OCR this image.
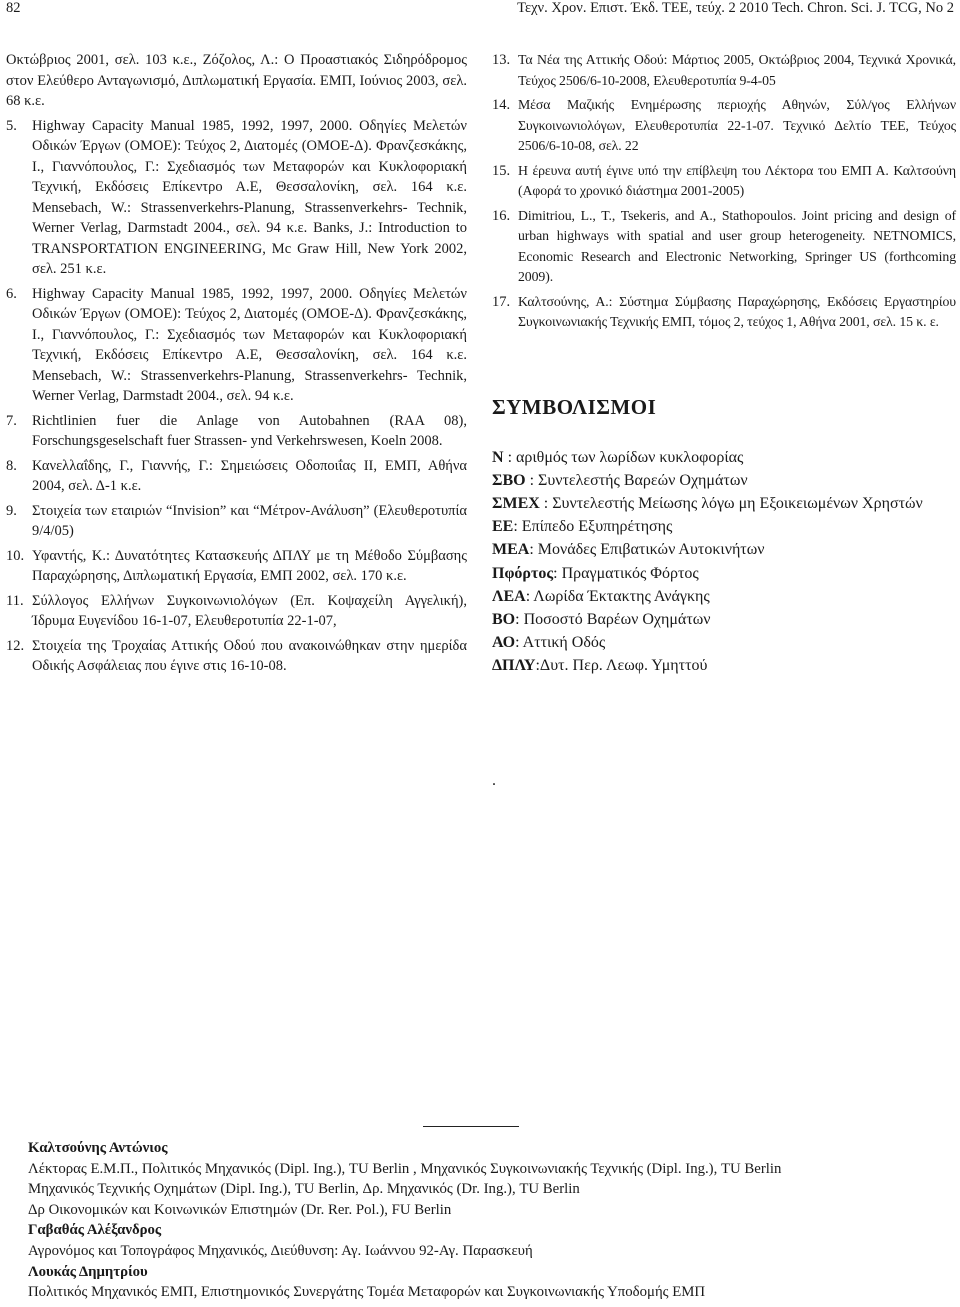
82	Τεχν. Χρον. Επιστ. Έκδ. ΤΕΕ, τεύχ. 2 2010 Tech. Chron. Sci. J. TCG, No 2
Οκτώβριος 2001, σελ. 103 κ.ε., Ζόζολος, Λ.: Ο Προαστιακός Σιδηρόδρομος στον Ελεύθερο Ανταγωνισμό, Διπλωματική Εργασία. ΕΜΠ, Ιούνιος 2003, σελ. 68 κ.ε.
5. Highway Capacity Manual 1985, 1992, 1997, 2000. Οδηγίες Μελετών Οδικών Έργων (ΟΜΟΕ): Τεύχος 2, Διατομές (ΟΜΟΕ-Δ). Φρανζεσκάκης, Ι., Γιαννόπουλος, Γ.: Σχεδιασμός των Μεταφορών και Κυκλοφοριακή Τεχνική, Εκδόσεις Επίκεντρο Α.Ε, Θεσσαλονίκη, σελ. 164 κ.ε. Mensebach, W.: Strassenverkehrs-Planung, Strassenverkehrs- Technik, Werner Verlag, Darmstadt 2004., σελ. 94 κ.ε. Banks, J.: Introduction to TRANSPORTATION ENGINEERING, Mc Graw Hill, New York 2002, σελ. 251 κ.ε.
6. Highway Capacity Manual 1985, 1992, 1997, 2000. Οδηγίες Μελετών Οδικών Έργων (ΟΜΟΕ): Τεύχος 2, Διατομές (ΟΜΟΕ-Δ). Φρανζεσκάκης, Ι., Γιαννόπουλος, Γ.: Σχεδιασμός των Μεταφορών και Κυκλοφοριακή Τεχνική, Εκδόσεις Επίκεντρο Α.Ε, Θεσσαλονίκη, σελ. 164 κ.ε. Mensebach, W.: Strassenverkehrs-Planung, Strassenverkehrs- Technik, Werner Verlag, Darmstadt 2004., σελ. 94 κ.ε.
7. Richtlinien fuer die Anlage von Autobahnen (RAA 08), Forschungsgeselschaft fuer Strassen- ynd Verkehrswesen, Koeln 2008.
8. Κανελλαΐδης, Γ., Γιαννής, Γ.: Σημειώσεις Οδοποιΐας ΙΙ, ΕΜΠ, Αθήνα 2004, σελ. Δ-1 κ.ε.
9. Στοιχεία των εταιριών “Invision” και “Μέτρον-Ανάλυση” (Ελευθεροτυπία 9/4/05)
10. Υφαντής, Κ.: Δυνατότητες Κατασκευής ΔΠΛΥ με τη Μέθοδο Σύμβασης Παραχώρησης, Διπλωματική Εργασία, ΕΜΠ 2002, σελ. 170 κ.ε.
11. Σύλλογος Ελλήνων Συγκοινωνιολόγων (Επ. Κοψαχείλη Αγγελική), Ίδρυμα Ευγενίδου 16-1-07, Ελευθεροτυπία 22-1-07,
12. Στοιχεία της Τροχαίας Αττικής Οδού που ανακοινώθηκαν στην ημερίδα Οδικής Ασφάλειας που έγινε στις 16-10-08.
13. Τα Νέα της Αττικής Οδού: Μάρτιος 2005, Οκτώβριος 2004, Τεχνικά Χρονικά, Τεύχος 2506/6-10-2008, Ελευθεροτυπία 9-4-05
14. Μέσα Μαζικής Ενημέρωσης περιοχής Αθηνών, Σύλ/γος Ελλήνων Συγκοινωνιολόγων, Ελευθεροτυπία 22-1-07. Τεχνικό Δελτίο ΤΕΕ, Τεύχος 2506/6-10-08, σελ. 22
15. Η έρευνα αυτή έγινε υπό την επίβλεψη του Λέκτορα του ΕΜΠ Α. Καλτσούνη (Αφορά το χρονικό διάστημα 2001-2005)
16. Dimitriou, L., T., Tsekeris, and A., Stathopoulos. Joint pricing and design of urban highways with spatial and user group heterogeneity. NETNOMICS, Economic Research and Electronic Networking, Springer US (forthcoming 2009).
17. Καλτσούνης, Α.: Σύστημα Σύμβασης Παραχώρησης, Εκδόσεις Εργαστηρίου Συγκοινωνιακής Τεχνικής ΕΜΠ, τόμος 2, τεύχος 1, Αθήνα 2001, σελ. 15 κ. ε.
ΣΥΜΒΟΛΙΣΜΟΙ

Ν : αριθμός των λωρίδων κυκλοφορίας

ΣΒΟ : Συντελεστής Βαρεών Οχημάτων

ΣΜΕΧ : Συντελεστής Μείωσης λόγω μη Εξοικειωμένων Χρηστών

ΕΕ: Επίπεδο Εξυπηρέτησης

ΜΕΑ: Μονάδες Επιβατικών Αυτοκινήτων

Πφόρτος: Πραγματικός Φόρτος

ΛΕΑ: Λωρίδα Έκτακτης Ανάγκης

ΒΟ: Ποσοστό Βαρέων Οχημάτων

ΑΟ: Αττική Οδός

ΔΠΛΥ:Δυτ. Περ. Λεωφ. Υμηττού

.

Καλτσούνης Αντώνιος

Λέκτορας Ε.Μ.Π., Πολιτικός Μηχανικός (Dipl. Ing.), TU Berlin , Μηχανικός Συγκοινωνιακής Τεχνικής (Dipl. Ing.), TU Berlin

Μηχανικός Τεχνικής Οχημάτων (Dipl. Ing.), TU Berlin, Δρ. Μηχανικός (Dr. Ing.), TU Berlin

Δρ Οικονομικών και Κοινωνικών Επιστημών (Dr. Rer. Pol.), FU Berlin

Γαβαθάς Αλέξανδρος

Αγρονόμος και Τοπογράφος Μηχανικός, Διεύθυνση: Αγ. Ιωάννου 92-Αγ. Παρασκευή

Λουκάς Δημητρίου

Πολιτικός Μηχανικός ΕΜΠ, Επιστημονικός Συνεργάτης Τομέα Μεταφορών και Συγκοινωνιακής Υποδομής ΕΜΠ
